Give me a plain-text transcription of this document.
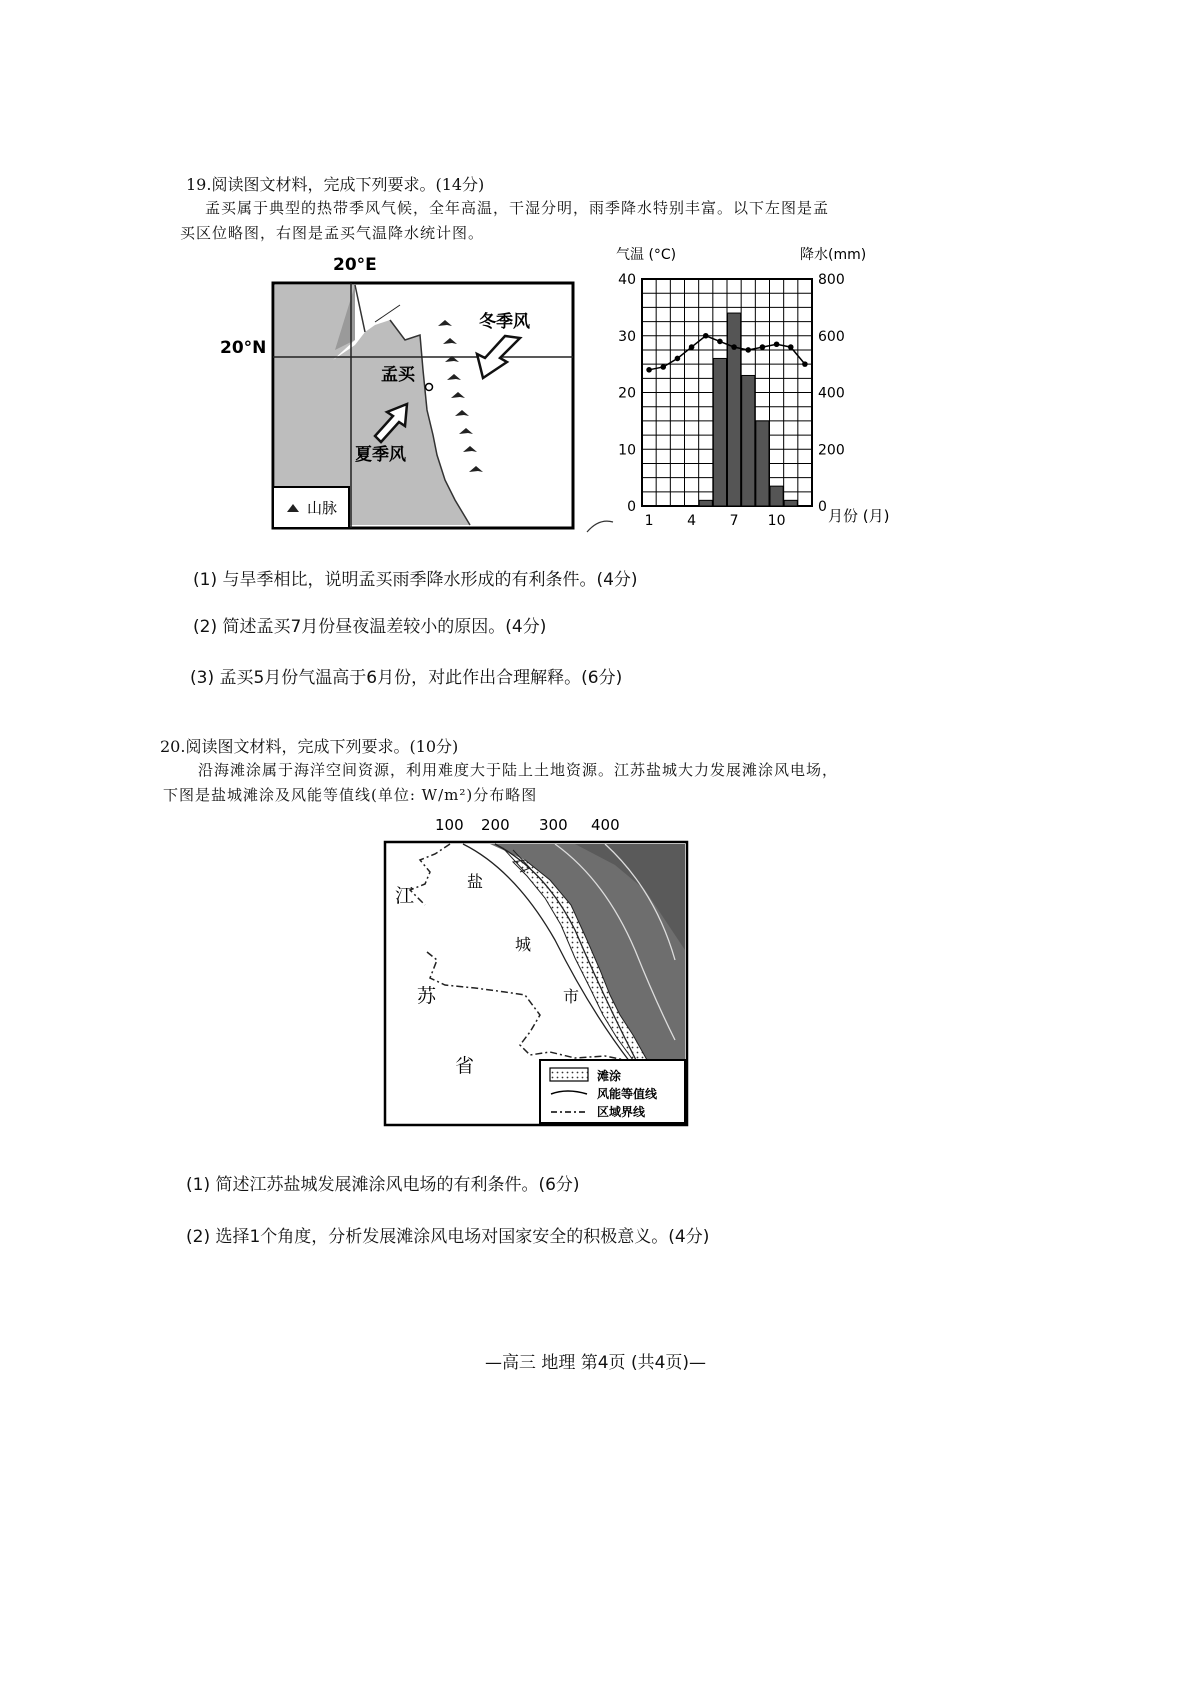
19.阅读图文材料，完成下列要求。(14分)
孟买属于典型的热带季风气候，全年高温，干湿分明，雨季降水特别丰富。以下左图是孟
买区位略图，右图是孟买气温降水统计图。
山脉
冬季风
夏季风
孟买
20°E
20°N
气温 (°C)	降水(mm)
40
30
20
10
0
800
600
400
200
0
1 4 7 10	月份 (月)
(1) 与旱季相比，说明孟买雨季降水形成的有利条件。(4分)
(2) 简述孟买7月份昼夜温差较小的原因。(4分)
(3) 孟买5月份气温高于6月份，对此作出合理解释。(6分)
20.阅读图文材料，完成下列要求。(10分)
沿海滩涂属于海洋空间资源，利用难度大于陆上土地资源。江苏盐城大力发展滩涂风电场，
下图是盐城滩涂及风能等值线(单位: W/m²)分布略图
100 200 300 400
江
苏
省
盐
城
市
滩涂
风能等值线
区域界线
(1) 简述江苏盐城发展滩涂风电场的有利条件。(6分)
(2) 选择1个角度，分析发展滩涂风电场对国家安全的积极意义。(4分)
—高三 地理 第4页 (共4页)—
